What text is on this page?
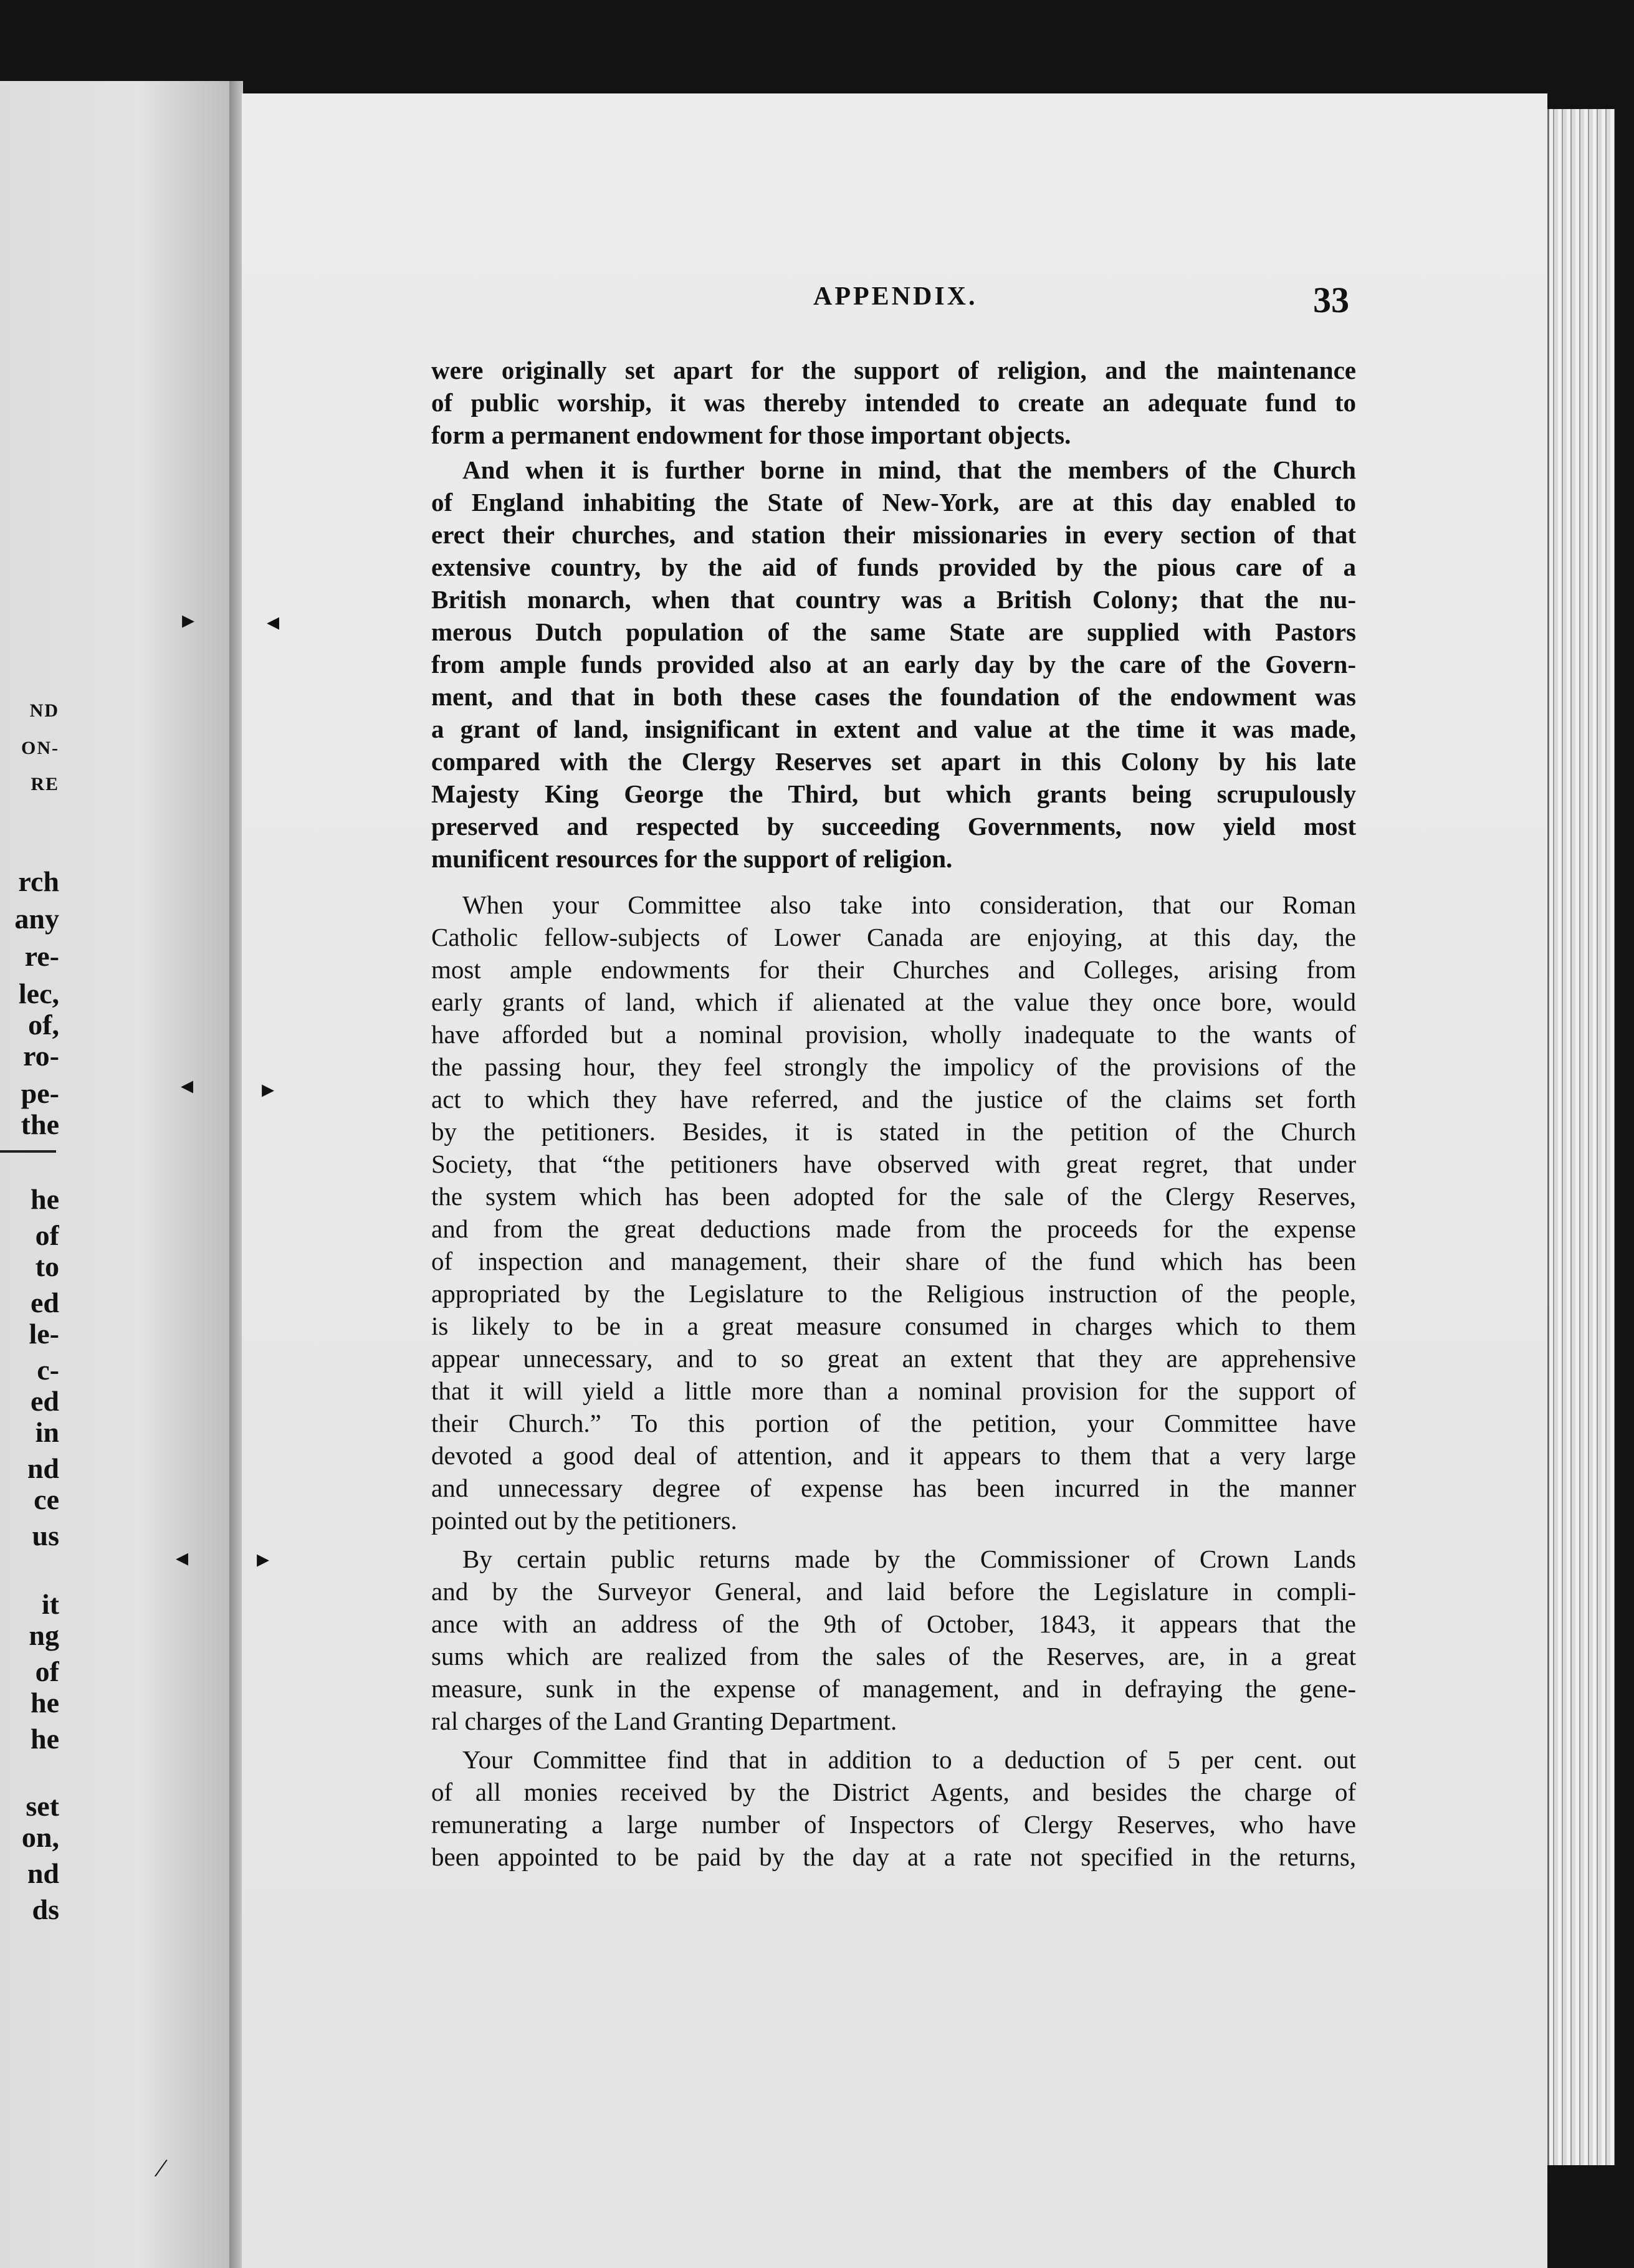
ND
ON-
RE
rch
any
re-
lec,
of,
ro-
pe-
the
he
of
to
ed
le-
c-
ed
in
nd
ce
us
it
ng
of
he
he
set
on,
nd
ds
▸	◂
◂	▸
◂	▸
⁄
APPENDIX.	33
were originally set apart for the support of religion, and the maintenance
of public worship, it was thereby intended to create an adequate fund to
form a permanent endowment for those important objects.
And when it is further borne in mind, that the members of the Church
of England inhabiting the State of New-York, are at this day enabled to
erect their churches, and station their missionaries in every section of that
extensive country, by the aid of funds provided by the pious care of a
British monarch, when that country was a British Colony; that the nu-
merous Dutch population of the same State are supplied with Pastors
from ample funds provided also at an early day by the care of the Govern-
ment, and that in both these cases the foundation of the endowment was
a grant of land, insignificant in extent and value at the time it was made,
compared with the Clergy Reserves set apart in this Colony by his late
Majesty King George the Third, but which grants being scrupulously
preserved and respected by succeeding Governments, now yield most
munificent resources for the support of religion.
When your Committee also take into consideration, that our Roman
Catholic fellow-subjects of Lower Canada are enjoying, at this day, the
most ample endowments for their Churches and Colleges, arising from
early grants of land, which if alienated at the value they once bore, would
have afforded but a nominal provision, wholly inadequate to the wants of
the passing hour, they feel strongly the impolicy of the provisions of the
act to which they have referred, and the justice of the claims set forth
by the petitioners. Besides, it is stated in the petition of the Church
Society, that “the petitioners have observed with great regret, that under
the system which has been adopted for the sale of the Clergy Reserves,
and from the great deductions made from the proceeds for the expense
of inspection and management, their share of the fund which has been
appropriated by the Legislature to the Religious instruction of the people,
is likely to be in a great measure consumed in charges which to them
appear unnecessary, and to so great an extent that they are apprehensive
that it will yield a little more than a nominal provision for the support of
their Church.” To this portion of the petition, your Committee have
devoted a good deal of attention, and it appears to them that a very large
and unnecessary degree of expense has been incurred in the manner
pointed out by the petitioners.
By certain public returns made by the Commissioner of Crown Lands
and by the Surveyor General, and laid before the Legislature in compli-
ance with an address of the 9th of October, 1843, it appears that the
sums which are realized from the sales of the Reserves, are, in a great
measure, sunk in the expense of management, and in defraying the gene-
ral charges of the Land Granting Department.
Your Committee find that in addition to a deduction of 5 per cent. out
of all monies received by the District Agents, and besides the charge of
remunerating a large number of Inspectors of Clergy Reserves, who have
been appointed to be paid by the day at a rate not specified in the returns,
